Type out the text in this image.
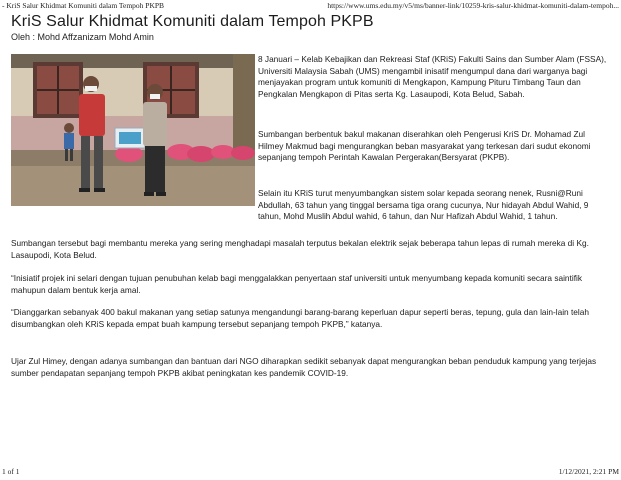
- KriS Salur Khidmat Komuniti dalam Tempoh PKPB	https://www.ums.edu.my/v5/ms/banner-link/10259-kris-salur-khidmat-komuniti-dalam-tempoh...
KriS Salur Khidmat Komuniti dalam Tempoh PKPB
Oleh : Mohd Affzanizam Mohd Amin

8 Januari – Kelab Kebajikan dan Rekreasi Staf (KRiS) Fakulti Sains dan Sumber Alam (FSSA), Universiti Malaysia Sabah (UMS) mengambil inisatif mengumpul dana dari warganya bagi menjayakan program untuk komuniti di Mengkapon, Kampung Pituru Timbang Taun dan Pengkalan Mengkapon di Pitas serta Kg. Lasaupodi, Kota Belud, Sabah.

Sumbangan berbentuk bakul makanan diserahkan oleh Pengerusi KriS Dr. Mohamad Zul Hilmey Makmud bagi mengurangkan beban masyarakat yang terkesan dari sudut ekonomi sepanjang tempoh Perintah Kawalan Pergerakan(Bersyarat (PKPB).

Selain itu KRiS turut menyumbangkan sistem solar kepada seorang nenek, Rusni@Runi Abdullah, 63 tahun yang tinggal bersama tiga orang cucunya, Nur hidayah Abdul Wahid, 9 tahun, Mohd Muslih Abdul wahid, 6 tahun, dan Nur Hafizah Abdul Wahid, 1 tahun.

Sumbangan tersebut bagi membantu mereka yang sering menghadapi masalah terputus bekalan elektrik sejak beberapa tahun lepas di rumah mereka di Kg. Lasaupodi, Kota Belud.

“Inisiatif projek ini selari dengan tujuan penubuhan kelab bagi menggalakkan penyertaan staf universiti untuk menyumbang kepada komuniti secara saintifik mahupun dalam bentuk kerja amal.

“Dianggarkan sebanyak 400 bakul makanan yang setiap satunya mengandungi barang-barang keperluan dapur seperti beras, tepung, gula dan lain-lain telah disumbangkan oleh KRiS kepada empat buah kampung tersebut sepanjang tempoh PKPB,” katanya.

Ujar Zul Himey, dengan adanya sumbangan dan bantuan dari NGO diharapkan sedikit sebanyak dapat mengurangkan beban penduduk kampung yang terjejas sumber pendapatan sepanjang tempoh PKPB akibat peningkatan kes pandemik COVID-19.

1 of 1	1/12/2021, 2:21 PM
